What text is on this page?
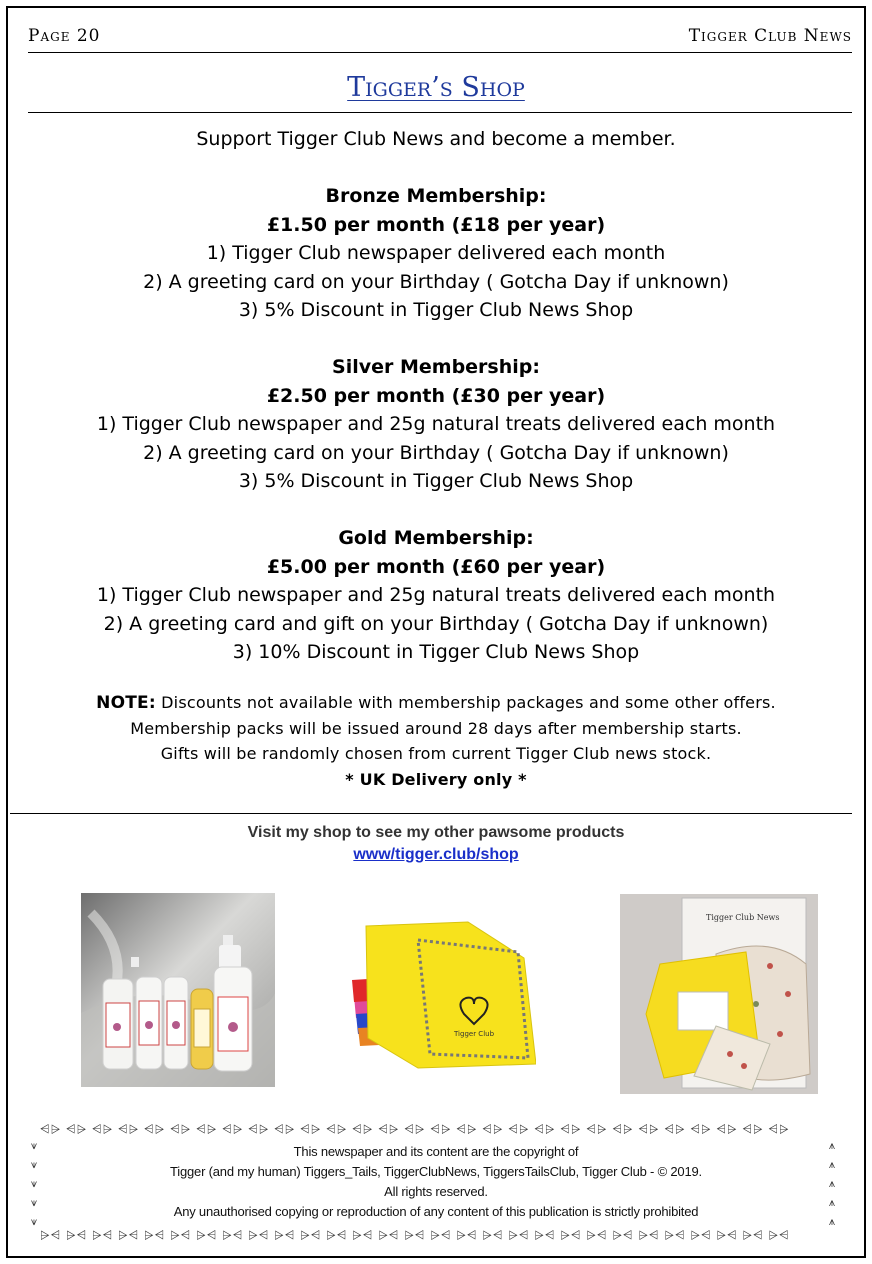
Page 20	Tigger Club News
Tigger’s Shop
Support Tigger Club News and become a member.
Bronze Membership:
£1.50 per month (£18 per year)
1) Tigger Club newspaper delivered each month
2) A greeting card on your Birthday ( Gotcha Day if unknown)
3) 5% Discount in Tigger Club News Shop
Silver Membership:
£2.50 per month (£30 per year)
1) Tigger Club newspaper and 25g natural treats delivered each month
2) A greeting card on your Birthday ( Gotcha Day if unknown)
3) 5% Discount in Tigger Club News Shop
Gold Membership:
£5.00 per month (£60 per year)
1) Tigger Club newspaper and 25g natural treats delivered each month
2) A greeting card and gift on your Birthday ( Gotcha Day if unknown)
3) 10% Discount in Tigger Club News Shop
NOTE: Discounts not available with membership packages and some other offers.
Membership packs will be issued around 28 days after membership starts.
Gifts will be randomly chosen from current Tigger Club news stock.
* UK Delivery only *
Visit my shop to see my other pawsome products
www/tigger.club/shop
Tigger Club
Tigger Club News
⩤⩥ ⩤⩥ ⩤⩥ ⩤⩥ ⩤⩥ ⩤⩥ ⩤⩥ ⩤⩥ ⩤⩥ ⩤⩥ ⩤⩥ ⩤⩥ ⩤⩥ ⩤⩥ ⩤⩥ ⩤⩥ ⩤⩥ ⩤⩥ ⩤⩥ ⩤⩥ ⩤⩥ ⩤⩥ ⩤⩥ ⩤⩥ ⩤⩥ ⩤⩥ ⩤⩥ ⩤⩥ ⩤⩥
⩥⩤ ⩥⩤ ⩥⩤ ⩥⩤ ⩥⩤ ⩥⩤ ⩥⩤ ⩥⩤ ⩥⩤ ⩥⩤ ⩥⩤ ⩥⩤ ⩥⩤ ⩥⩤ ⩥⩤ ⩥⩤ ⩥⩤ ⩥⩤ ⩥⩤ ⩥⩤ ⩥⩤ ⩥⩤ ⩥⩤ ⩥⩤ ⩥⩤ ⩥⩤ ⩥⩤ ⩥⩤ ⩥⩤
⩛
⩛
⩛
⩛
⩛
⩚
⩚
⩚
⩚
⩚
This newspaper and its content are the copyright of
Tigger (and my human) Tiggers_Tails, TiggerClubNews, TiggersTailsClub, Tigger Club - © 2019.
All rights reserved.
Any unauthorised copying or reproduction of any content of this publication is strictly prohibited
